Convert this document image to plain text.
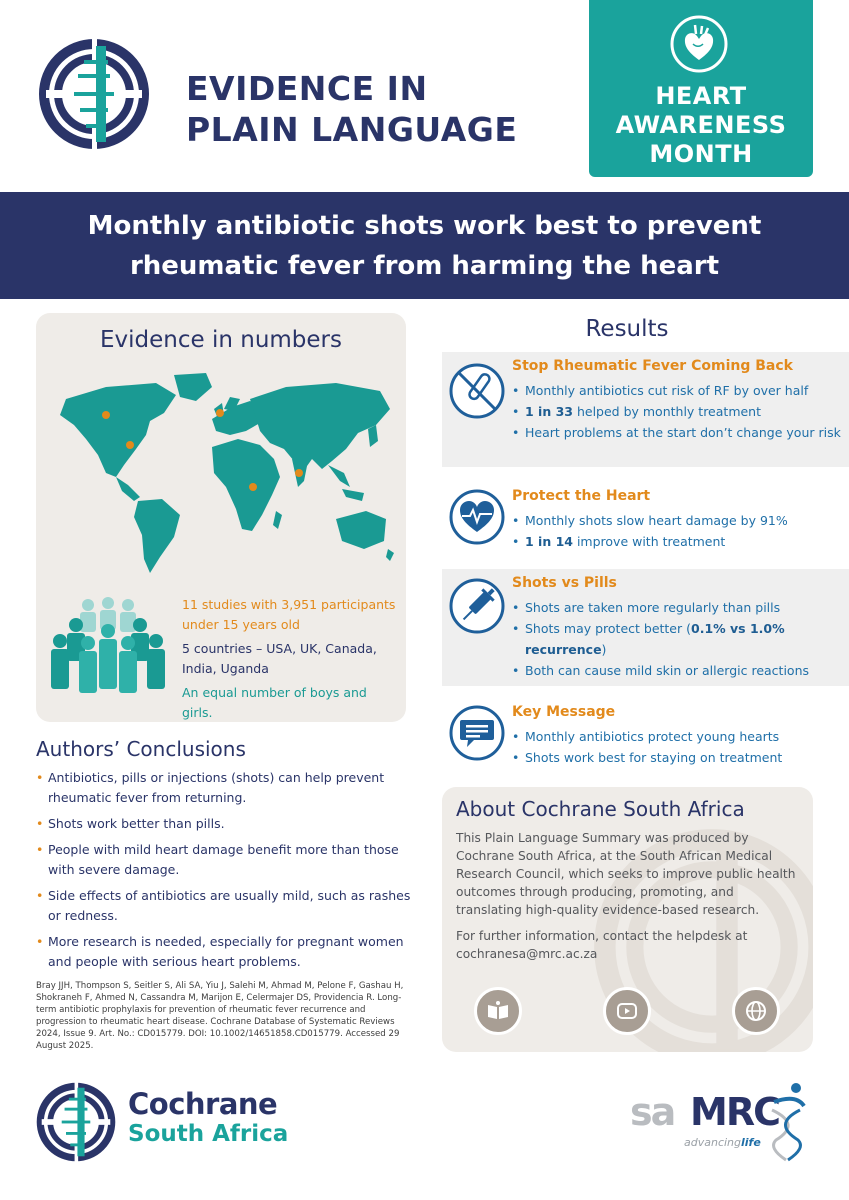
EVIDENCE IN
PLAIN LANGUAGE
HEART
AWARENESS
MONTH
Monthly antibiotic shots work best to prevent
rheumatic fever from harming the heart
Evidence in numbers

11 studies with 3,951 participants under 15 years old

5 countries – USA, UK, Canada, India, Uganda

An equal number of boys and girls.

Authors’ Conclusions
• Antibiotics, pills or injections (shots) can help prevent rheumatic fever from returning.
• Shots work better than pills.
• People with mild heart damage benefit more than those with severe damage.
• Side effects of antibiotics are usually mild, such as rashes or redness.
• More research is needed, especially for pregnant women and people with serious heart problems.
Bray JJH, Thompson S, Seitler S, Ali SA, Yiu J, Salehi M, Ahmad M, Pelone F, Gashau H, Shokraneh F, Ahmed N, Cassandra M, Marijon E, Celermajer DS, Providencia R. Long-term antibiotic prophylaxis for prevention of rheumatic fever recurrence and progression to rheumatic heart disease. Cochrane Database of Systematic Reviews 2024, Issue 9. Art. No.: CD015779. DOI: 10.1002/14651858.CD015779. Accessed 29 August 2025.
Cochrane
South Africa
Results
Stop Rheumatic Fever Coming Back
• Monthly antibiotics cut risk of RF by over half
• 1 in 33 helped by monthly treatment
• Heart problems at the start don’t change your risk
Protect the Heart
• Monthly shots slow heart damage by 91%
• 1 in 14 improve with treatment
Shots vs Pills
• Shots are taken more regularly than pills
• Shots may protect better (0.1% vs 1.0% recurrence)
• Both can cause mild skin or allergic reactions
Key Message
• Monthly antibiotics protect young hearts
• Shots work best for staying on treatment
About Cochrane South Africa

This Plain Language Summary was produced by Cochrane South Africa, at the South African Medical Research Council, which seeks to improve public health outcomes through producing, promoting, and translating high-quality evidence-based research.

For further information, contact the helpdesk at cochranesa@mrc.ac.za

sa MRC
advancinglife
